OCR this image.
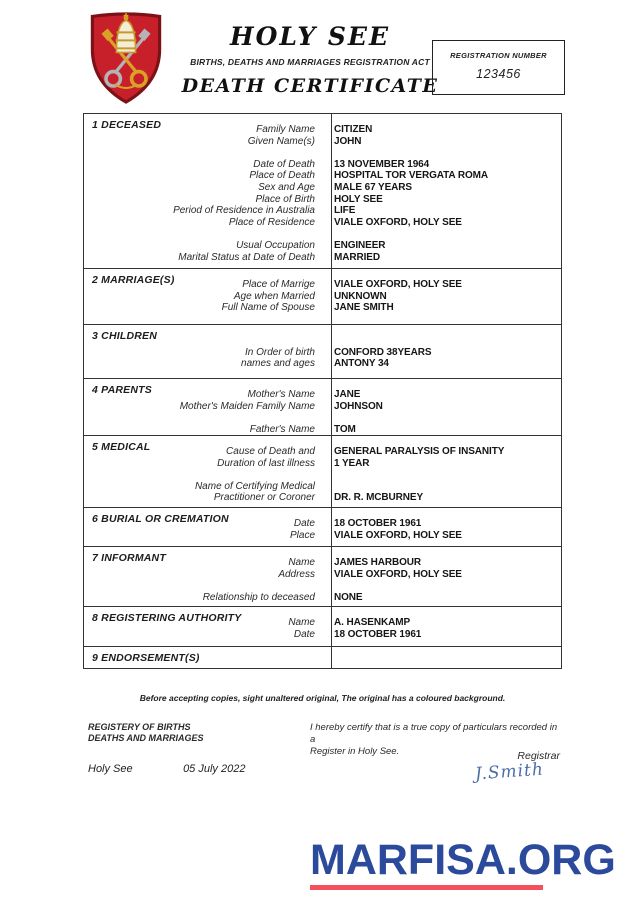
HOLY SEE
BIRTHS, DEATHS AND MARRIAGES REGISTRATION ACT
DEATH CERTIFICATE
REGISTRATION NUMBER
123456
1 DECEASED	Family Name	CITIZEN
Given Name(s)	JOHN
Date of Death	13 NOVEMBER 1964
Place of Death	HOSPITAL TOR VERGATA ROMA
Sex and Age	MALE 67 YEARS
Place of Birth	HOLY SEE
Period of Residence in Australia	LIFE
Place of Residence	VIALE OXFORD, HOLY SEE
Usual Occupation	ENGINEER
Marital Status at Date of Death	MARRIED
2 MARRIAGE(S)	Place of Marrige	VIALE OXFORD, HOLY SEE
Age when Married	UNKNOWN
Full Name of Spouse	JANE SMITH
3 CHILDREN
In Order of birth	CONFORD 38YEARS
names and ages	ANTONY 34
4 PARENTS	Mother's Name	JANE
Mother's Maiden Family Name	JOHNSON
Father's Name	TOM
5 MEDICAL	Cause of Death and	GENERAL PARALYSIS OF INSANITY
Duration of last illness	1 YEAR
Name of Certifying Medical
Practitioner or Coroner	DR. R. MCBURNEY
6 BURIAL OR CREMATION	Date	18 OCTOBER 1961
Place	VIALE OXFORD, HOLY SEE
7 INFORMANT	Name	JAMES HARBOUR
Address	VIALE OXFORD, HOLY SEE
Relationship to deceased	NONE
8 REGISTERING AUTHORITY	Name	A. HASENKAMP
Date	18 OCTOBER 1961
9 ENDORSEMENT(S)
Before accepting copies, sight unaltered original, The original has a coloured background.
REGISTERY OF BIRTHS
DEATHS AND MARRIAGES
I hereby certify that is a true copy of particulars recorded in a
Register in Holy See.	Registrar
J.Smith
Holy See	05 July 2022
MARFISA.ORG
